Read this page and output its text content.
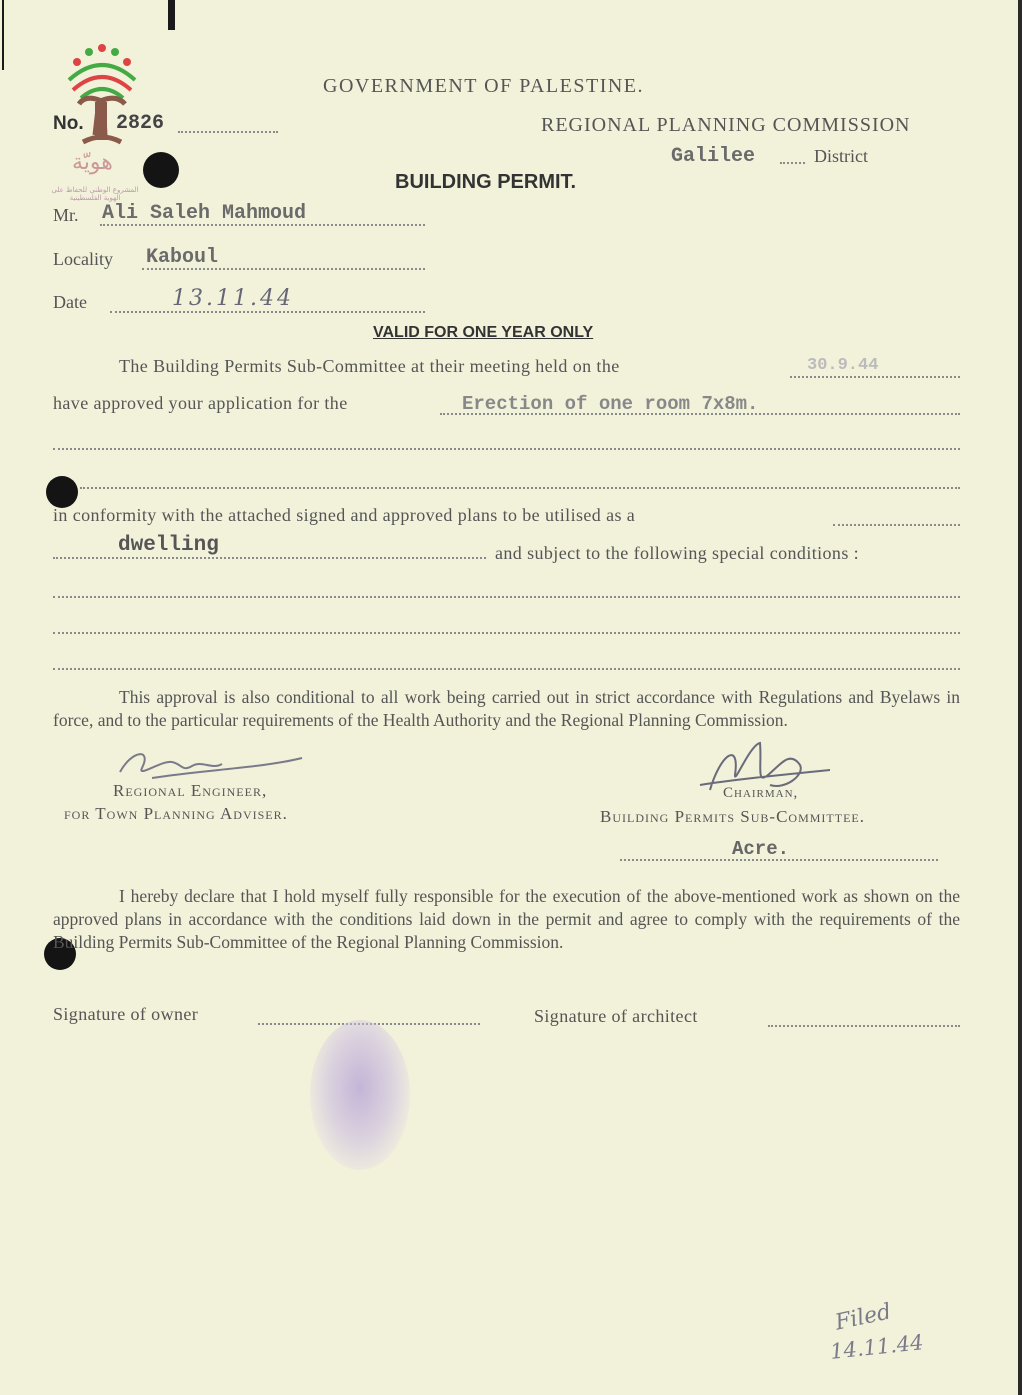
هويّة
المشروع الوطني للحفاظ على الهوية الفلسطينية
GOVERNMENT OF PALESTINE.
No. 2826	REGIONAL PLANNING COMMISSION
Galilee	District
BUILDING PERMIT.
Mr. Ali Saleh Mahmoud
Locality Kaboul
Date	13.11.44
VALID FOR ONE YEAR ONLY
The Building Permits Sub-Committee at their meeting held on the	30.9.44
have approved your application for the	Erection of one room 7x8m.
in conformity with the attached signed and approved plans to be utilised as a
dwelling	and subject to the following special conditions :

This approval is also conditional to all work being carried out in strict accordance with Regulations and Byelaws in force, and to the particular requirements of the Health Authority and the Regional Planning Commission.

Regional Engineer,
for Town Planning Adviser.
Chairman,
Building Permits Sub-Committee.
Acre.

I hereby declare that I hold myself fully responsible for the execution of the above-mentioned work as shown on the approved plans in accordance with the conditions laid down in the permit and agree to comply with the requirements of the Building Permits Sub-Committee of the Regional Planning Commission.

Signature of owner	Signature of architect
Filed
14.11.44
